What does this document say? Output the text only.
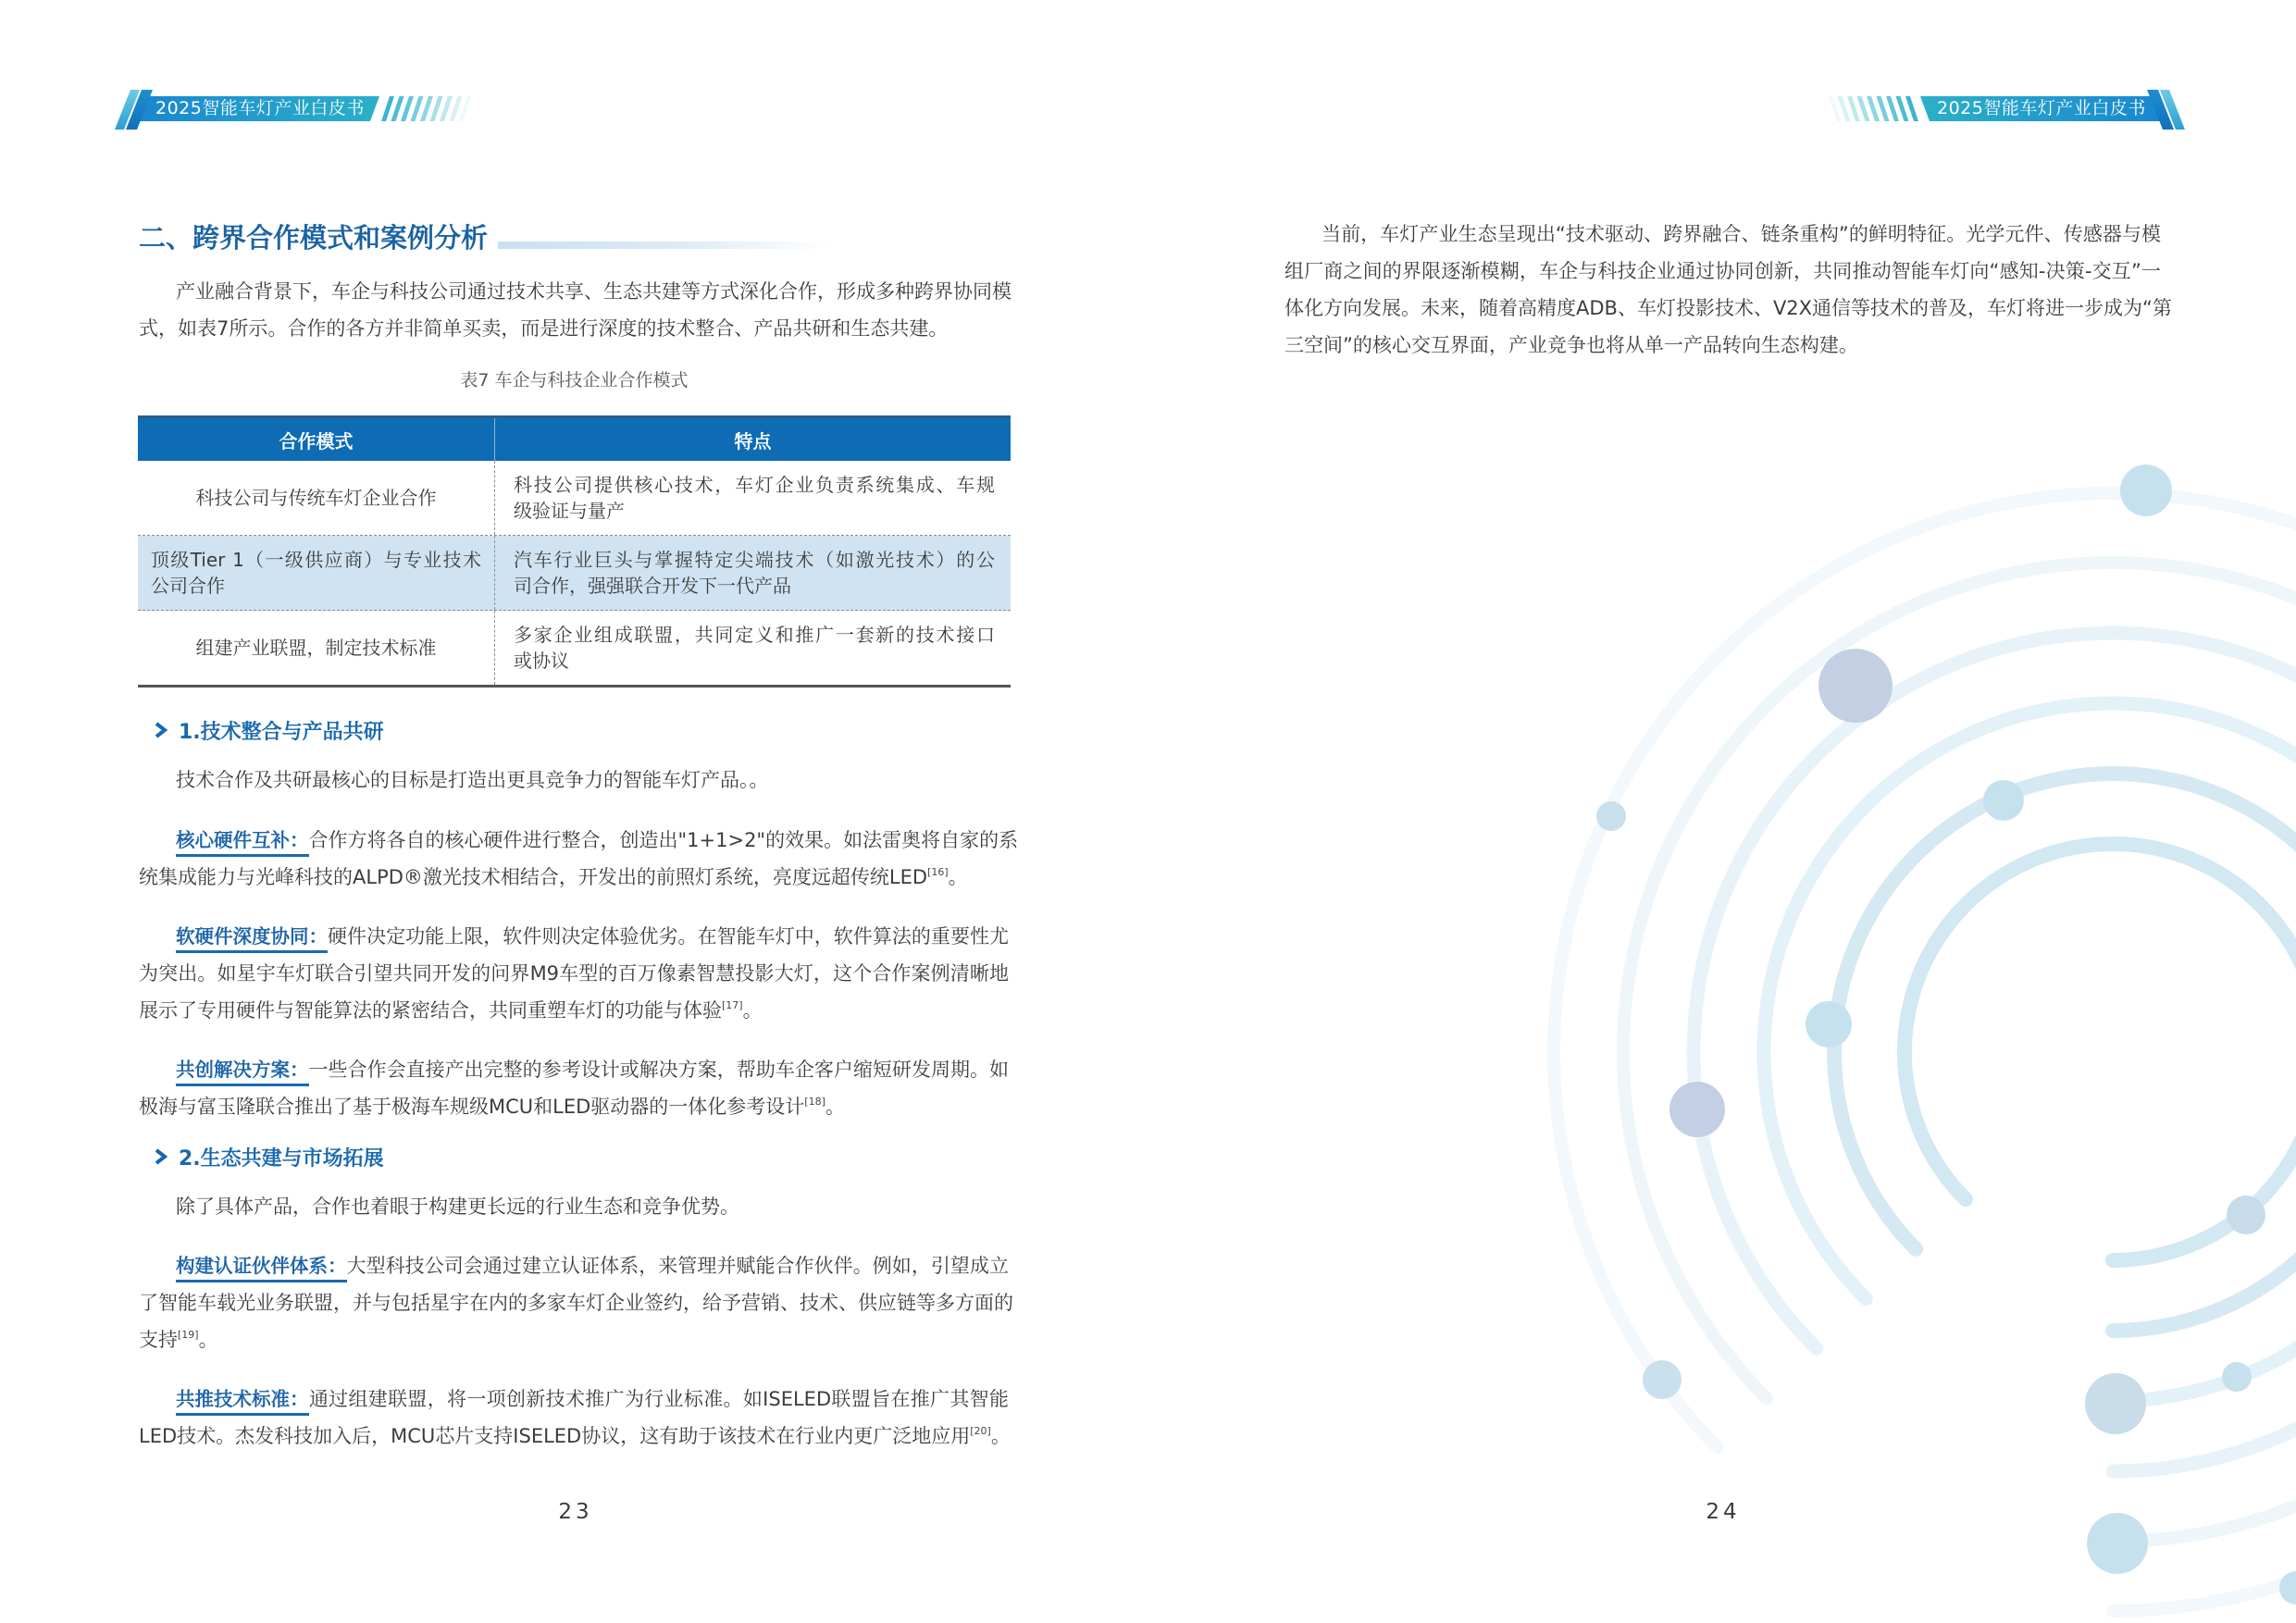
2025智能车灯产业白皮书
二、跨界合作模式和案例分析
产业融合背景下，车企与科技公司通过技术共享、生态共建等方式深化合作，形成多种跨界协同模
式，如表7所示。合作的各方并非简单买卖，而是进行深度的技术整合、产品共研和生态共建。
表7 车企与科技企业合作模式
合作模式	特点
科技公司与传统车灯企业合作
科技公司提供核心技术，车灯企业负责系统集成、车规
级验证与量产
顶级Tier 1（一级供应商）与专业技术
公司合作
汽车行业巨头与掌握特定尖端技术（如激光技术）的公
司合作，强强联合开发下一代产品
组建产业联盟，制定技术标准
多家企业组成联盟，共同定义和推广一套新的技术接口
或协议
1.技术整合与产品共研
技术合作及共研最核心的目标是打造出更具竞争力的智能车灯产品。。
核心硬件互补：合作方将各自的核心硬件进行整合，创造出"1+1>2"的效果。如法雷奥将自家的系
统集成能力与光峰科技的ALPD®激光技术相结合，开发出的前照灯系统，亮度远超传统LED[16]。
软硬件深度协同：硬件决定功能上限，软件则决定体验优劣。在智能车灯中，软件算法的重要性尤
为突出。如星宇车灯联合引望共同开发的问界M9车型的百万像素智慧投影大灯，这个合作案例清晰地
展示了专用硬件与智能算法的紧密结合，共同重塑车灯的功能与体验[17]。
共创解决方案：一些合作会直接产出完整的参考设计或解决方案，帮助车企客户缩短研发周期。如
极海与富玉隆联合推出了基于极海车规级MCU和LED驱动器的一体化参考设计[18]。
2.生态共建与市场拓展
除了具体产品，合作也着眼于构建更长远的行业生态和竞争优势。
构建认证伙伴体系：大型科技公司会通过建立认证体系，来管理并赋能合作伙伴。例如，引望成立
了智能车载光业务联盟，并与包括星宇在内的多家车灯企业签约，给予营销、技术、供应链等多方面的
支持[19]。
共推技术标准：通过组建联盟，将一项创新技术推广为行业标准。如ISELED联盟旨在推广其智能
LED技术。杰发科技加入后，MCU芯片支持ISELED协议，这有助于该技术在行业内更广泛地应用[20]。
23
2025智能车灯产业白皮书
当前，车灯产业生态呈现出“技术驱动、跨界融合、链条重构”的鲜明特征。光学元件、传感器与模
组厂商之间的界限逐渐模糊，车企与科技企业通过协同创新，共同推动智能车灯向“感知-决策-交互”一
体化方向发展。未来，随着高精度ADB、车灯投影技术、V2X通信等技术的普及，车灯将进一步成为“第
三空间”的核心交互界面，产业竞争也将从单一产品转向生态构建。
24
